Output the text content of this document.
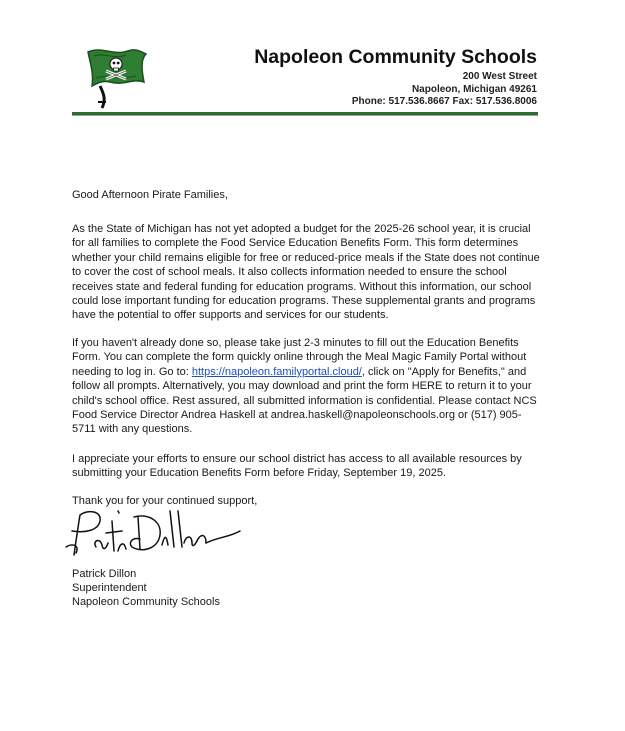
Napoleon Community Schools
200 West Street
Napoleon, Michigan 49261
Phone: 517.536.8667 Fax: 517.536.8006
Good Afternoon Pirate Families,
As the State of Michigan has not yet adopted a budget for the 2025-26 school year, it is crucial for all families to complete the Food Service Education Benefits Form. This form determines whether your child remains eligible for free or reduced-price meals if the State does not continue to cover the cost of school meals. It also collects information needed to ensure the school receives state and federal funding for education programs. Without this information, our school could lose important funding for education programs. These supplemental grants and programs have the potential to offer supports and services for our students.
If you haven't already done so, please take just 2-3 minutes to fill out the Education Benefits Form. You can complete the form quickly online through the Meal Magic Family Portal without needing to log in. Go to: https://napoleon.familyportal.cloud/, click on "Apply for Benefits," and follow all prompts. Alternatively, you may download and print the form HERE to return it to your child's school office. Rest assured, all submitted information is confidential. Please contact NCS Food Service Director Andrea Haskell at andrea.haskell@napoleonschools.org or (517) 905-5711 with any questions.
I appreciate your efforts to ensure our school district has access to all available resources by submitting your Education Benefits Form before Friday, September 19, 2025.
Thank you for your continued support,
Patrick Dillon
Superintendent
Napoleon Community Schools
